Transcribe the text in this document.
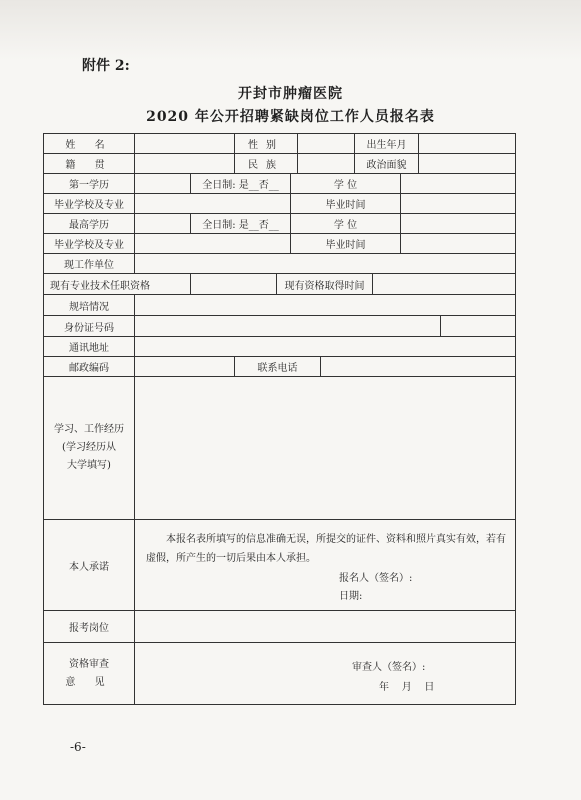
附件 2:
开封市肿瘤医院
2020 年公开招聘紧缺岗位工作人员报名表
姓 名	性别	出生年月
籍 贯	民族	政治面貌
第一学历	全日制: 是__否__	学 位
毕业学校及专业	毕业时间
最高学历	全日制: 是__否__	学 位
毕业学校及专业	毕业时间
现工作单位
现有专业技术任职资格	现有资格取得时间
规培情况
身份证号码
通讯地址
邮政编码	联系电话
学习、工作经历
(学习经历从
大学填写)
本人承诺
本报名表所填写的信息准确无误，所提交的证件、资料和照片真实有效，若有虚假，所产生的一切后果由本人承担。
报名人（签名）:
日期:
报考岗位
资格审查
意 见
审查人（签名）:
年    月    日
-6-
